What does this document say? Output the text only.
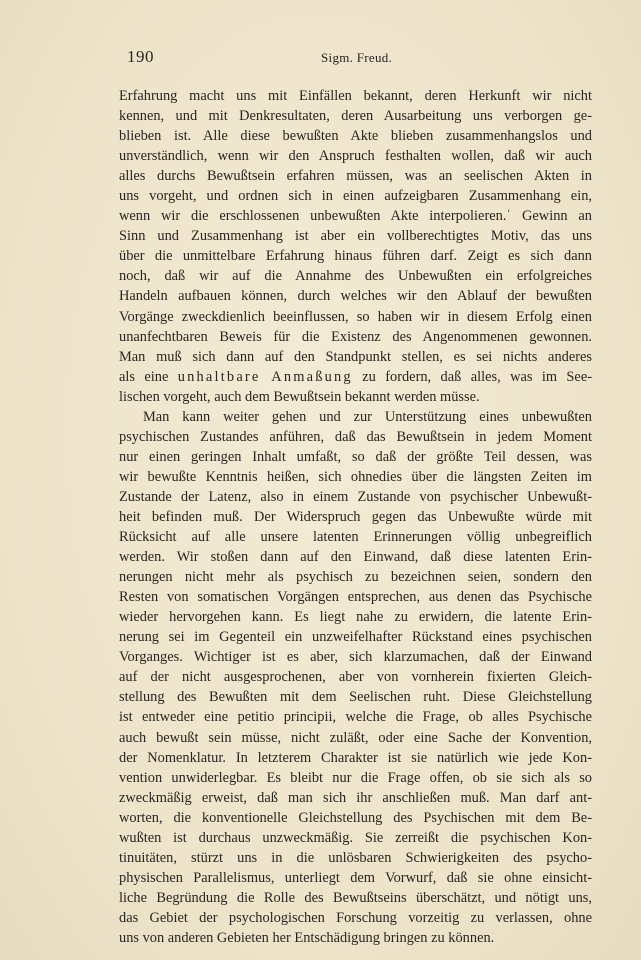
190	Sigm. Freud.
Erfahrung macht uns mit Einfällen bekannt, deren Herkunft wir nicht
kennen, und mit Denkresultaten, deren Ausarbeitung uns verborgen ge-
blieben ist. Alle diese bewußten Akte blieben zusammenhangslos und
unverständlich, wenn wir den Anspruch festhalten wollen, daß wir auch
alles durchs Bewußtsein erfahren müssen, was an seelischen Akten in
uns vorgeht, und ordnen sich in einen aufzeigbaren Zusammenhang ein,
wenn wir die erschlossenen unbewußten Akte interpolieren.ˈ Gewinn an
Sinn und Zusammenhang ist aber ein vollberechtigtes Motiv, das uns
über die unmittelbare Erfahrung hinaus führen darf. Zeigt es sich dann
noch, daß wir auf die Annahme des Unbewußten ein erfolgreiches
Handeln aufbauen können, durch welches wir den Ablauf der bewußten
Vorgänge zweckdienlich beeinflussen, so haben wir in diesem Erfolg einen
unanfechtbaren Beweis für die Existenz des Angenommenen gewonnen.
Man muß sich dann auf den Standpunkt stellen, es sei nichts anderes
als eine unhaltbare Anmaßung zu fordern, daß alles, was im See-
lischen vorgeht, auch dem Bewußtsein bekannt werden müsse.
Man kann weiter gehen und zur Unterstützung eines unbewußten
psychischen Zustandes anführen, daß das Bewußtsein in jedem Moment
nur einen geringen Inhalt umfaßt, so daß der größte Teil dessen, was
wir bewußte Kenntnis heißen, sich ohnedies über die längsten Zeiten im
Zustande der Latenz, also in einem Zustande von psychischer Unbewußt-
heit befinden muß. Der Widerspruch gegen das Unbewußte würde mit
Rücksicht auf alle unsere latenten Erinnerungen völlig unbegreiflich
werden. Wir stoßen dann auf den Einwand, daß diese latenten Erin-
nerungen nicht mehr als psychisch zu bezeichnen seien, sondern den
Resten von somatischen Vorgängen entsprechen, aus denen das Psychische
wieder hervorgehen kann. Es liegt nahe zu erwidern, die latente Erin-
nerung sei im Gegenteil ein unzweifelhafter Rückstand eines psychischen
Vorganges. Wichtiger ist es aber, sich klarzumachen, daß der Einwand
auf der nicht ausgesprochenen, aber von vornherein fixierten Gleich-
stellung des Bewußten mit dem Seelischen ruht. Diese Gleichstellung
ist entweder eine petitio principii, welche die Frage, ob alles Psychische
auch bewußt sein müsse, nicht zuläßt, oder eine Sache der Konvention,
der Nomenklatur. In letzterem Charakter ist sie natürlich wie jede Kon-
vention unwiderlegbar. Es bleibt nur die Frage offen, ob sie sich als so
zweckmäßig erweist, daß man sich ihr anschließen muß. Man darf ant-
worten, die konventionelle Gleichstellung des Psychischen mit dem Be-
wußten ist durchaus unzweckmäßig. Sie zerreißt die psychischen Kon-
tinuitäten, stürzt uns in die unlösbaren Schwierigkeiten des psycho-
physischen Parallelismus, unterliegt dem Vorwurf, daß sie ohne einsicht-
liche Begründung die Rolle des Bewußtseins überschätzt, und nötigt uns,
das Gebiet der psychologischen Forschung vorzeitig zu verlassen, ohne
uns von anderen Gebieten her Entschädigung bringen zu können.
